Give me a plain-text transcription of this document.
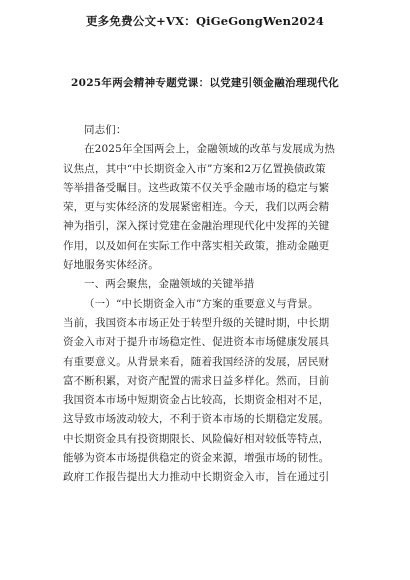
更多免费公文+VX：QiGeGongWen2024
2025年两会精神专题党课：以党建引领金融治理现代化
同志们：
在2025年全国两会上，金融领域的改革与发展成为热
议焦点，其中“中长期资金入市”方案和2万亿置换债政策
等举措备受瞩目。这些政策不仅关乎金融市场的稳定与繁
荣，更与实体经济的发展紧密相连。今天，我们以两会精
神为指引，深入探讨党建在金融治理现代化中发挥的关键
作用，以及如何在实际工作中落实相关政策，推动金融更
好地服务实体经济。
一、两会聚焦，金融领域的关键举措
（一）“中长期资金入市”方案的重要意义与背景。
当前，我国资本市场正处于转型升级的关键时期，中长期
资金入市对于提升市场稳定性、促进资本市场健康发展具
有重要意义。从背景来看，随着我国经济的发展，居民财
富不断积累，对资产配置的需求日益多样化。然而，目前
我国资本市场中短期资金占比较高，长期资金相对不足，
这导致市场波动较大，不利于资本市场的长期稳定发展。
中长期资金具有投资期限长、风险偏好相对较低等特点，
能够为资本市场提供稳定的资金来源，增强市场的韧性。
政府工作报告提出大力推动中长期资金入市，旨在通过引
